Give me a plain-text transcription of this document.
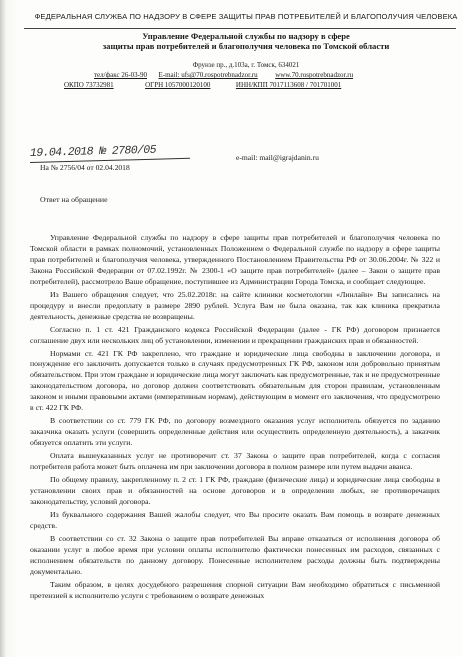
ФЕДЕРАЛЬНАЯ СЛУЖБА ПО НАДЗОРУ В СФЕРЕ ЗАЩИТЫ ПРАВ ПОТРЕБИТЕЛЕЙ И БЛАГОПОЛУЧИЯ ЧЕЛОВЕКА
Управление Федеральной службы по надзору в сфере
защиты прав потребителей и благополучия человека по Томской области
Фрунзе пр., д.103а, г. Томск, 634021
тел/факс 26-03-90 E-mail: ufs@70.rospotrebnadzor.ru	www.70.rospotrebnadzor.ru
ОКПО 73732981	ОГРН 1057000120100	ИНН/КПП 7017113608 / 701701001
19.04.2018 № 2780/05
На № 2756/04 от 02.04.2018
e-mail: mail@igrajdanin.ru
Ответ на обращение

Управление Федеральной службы по надзору в сфере защиты прав потребителей и благополучия человека по Томской области в рамках полномочий, установленных Положением о Федеральной службе по надзору в сфере защиты прав потребителей и благополучия человека, утвержденного Постановлением Правительства РФ от 30.06.2004г. № 322 и Закона Российской Федерации от 07.02.1992г. № 2300-1 «О защите прав потребителей» (далее – Закон о защите прав потребителей), рассмотрело Ваше обращение, поступившее из Администрации Города Томска, и сообщает следующее.

Из Вашего обращения следует, что 25.02.2018г. на сайте клиники косметологии «Линлайн» Вы записались на процедуру и внесли предоплату в размере 2890 рублей. Услуга Вам не была оказана, так как клиника прекратила деятельность, денежные средства не возвращены.

Согласно п. 1 ст. 421 Гражданского кодекса Российской Федерации (далее - ГК РФ) договором признается соглашение двух или нескольких лиц об установлении, изменении и прекращении гражданских прав и обязанностей.

Нормами ст. 421 ГК РФ закреплено, что граждане и юридические лица свободны в заключении договора, и понуждение его заключить допускается только в случаях предусмотренных ГК РФ, законом или добровольно принятым обязательством. При этом граждане и юридические лица могут заключать как предусмотренные, так и не предусмотренные законодательством договора, но договор должен соответствовать обязательным для сторон правилам, установленным законом и иными правовыми актами (императивным нормам), действующим в момент его заключения, что предусмотрено в ст. 422 ГК РФ.

В соответствии со ст. 779 ГК РФ, по договору возмездного оказания услуг исполнитель обязуется по заданию заказчика оказать услуги (совершить определенные действия или осуществить определенную деятельность), а заказчик обязуется оплатить эти услуги.

Оплата вышеуказанных услуг не противоречит ст. 37 Закона о защите прав потребителей, когда с согласия потребителя работа может быть оплачена им при заключении договора в полном размере или путем выдачи аванса.

По общему правилу, закрепленному п. 2 ст. 1 ГК РФ, граждане (физические лица) и юридические лица свободны в установлении своих прав и обязанностей на основе договоров и в определении любых, не противоречащих законодательству, условий договора.

Из буквального содержания Вашей жалобы следует, что Вы просите оказать Вам помощь в возврате денежных средств.

В соответствии со ст. 32 Закона о защите прав потребителей Вы вправе отказаться от исполнения договора об оказании услуг в любое время при условии оплаты исполнителю фактически понесенных им расходов, связанных с исполнением обязательств по данному договору. Понесенные исполнителем расходы должны быть подтверждены документально.

Таким образом, в целях досудебного разрешения спорной ситуации Вам необходимо обратиться с письменной претензией к исполнителю услуги с требованием о возврате денежных
